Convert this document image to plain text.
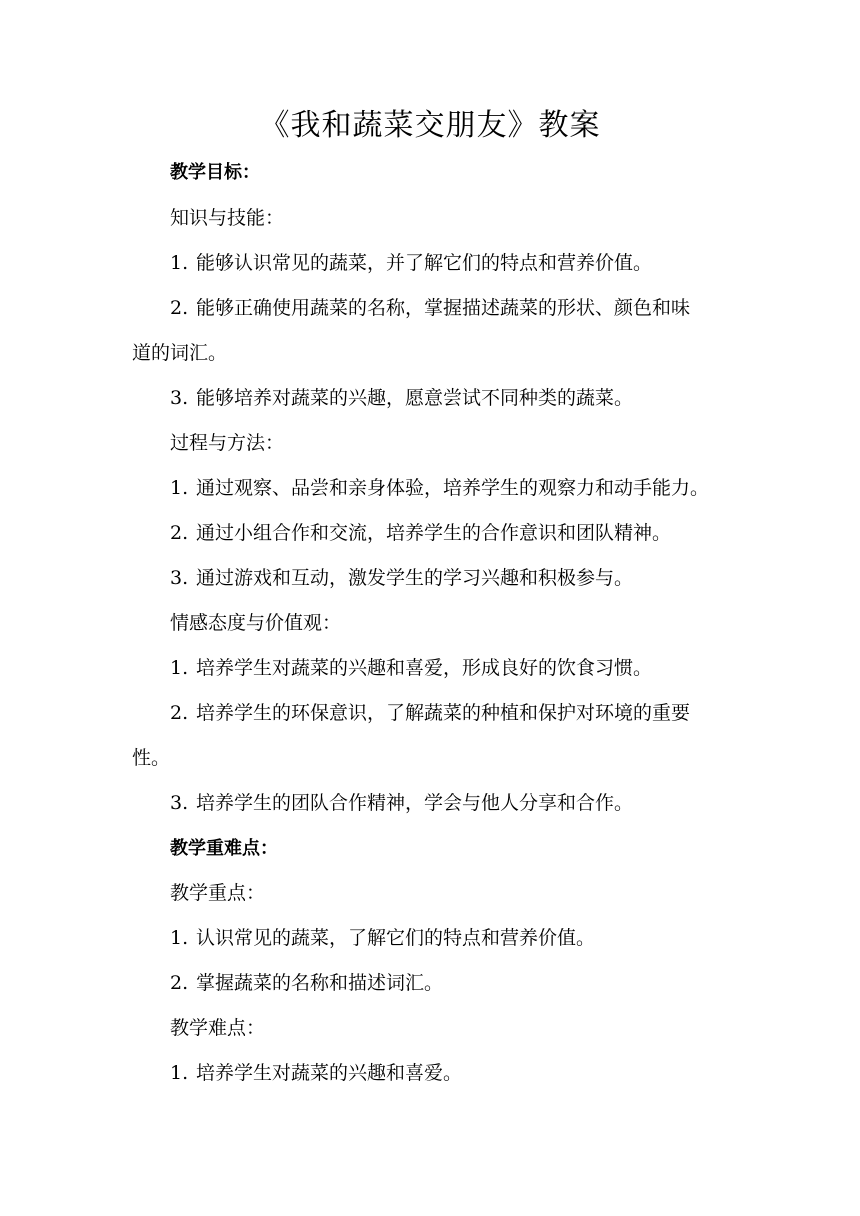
《我和蔬菜交朋友》教案
教学目标：
知识与技能：
1. 能够认识常见的蔬菜，并了解它们的特点和营养价值。
2. 能够正确使用蔬菜的名称，掌握描述蔬菜的形状、颜色和味
道的词汇。
3. 能够培养对蔬菜的兴趣，愿意尝试不同种类的蔬菜。
过程与方法：
1. 通过观察、品尝和亲身体验，培养学生的观察力和动手能力。
2. 通过小组合作和交流，培养学生的合作意识和团队精神。
3. 通过游戏和互动，激发学生的学习兴趣和积极参与。
情感态度与价值观：
1. 培养学生对蔬菜的兴趣和喜爱，形成良好的饮食习惯。
2. 培养学生的环保意识，了解蔬菜的种植和保护对环境的重要
性。
3. 培养学生的团队合作精神，学会与他人分享和合作。
教学重难点：
教学重点：
1. 认识常见的蔬菜，了解它们的特点和营养价值。
2. 掌握蔬菜的名称和描述词汇。
教学难点：
1. 培养学生对蔬菜的兴趣和喜爱。
